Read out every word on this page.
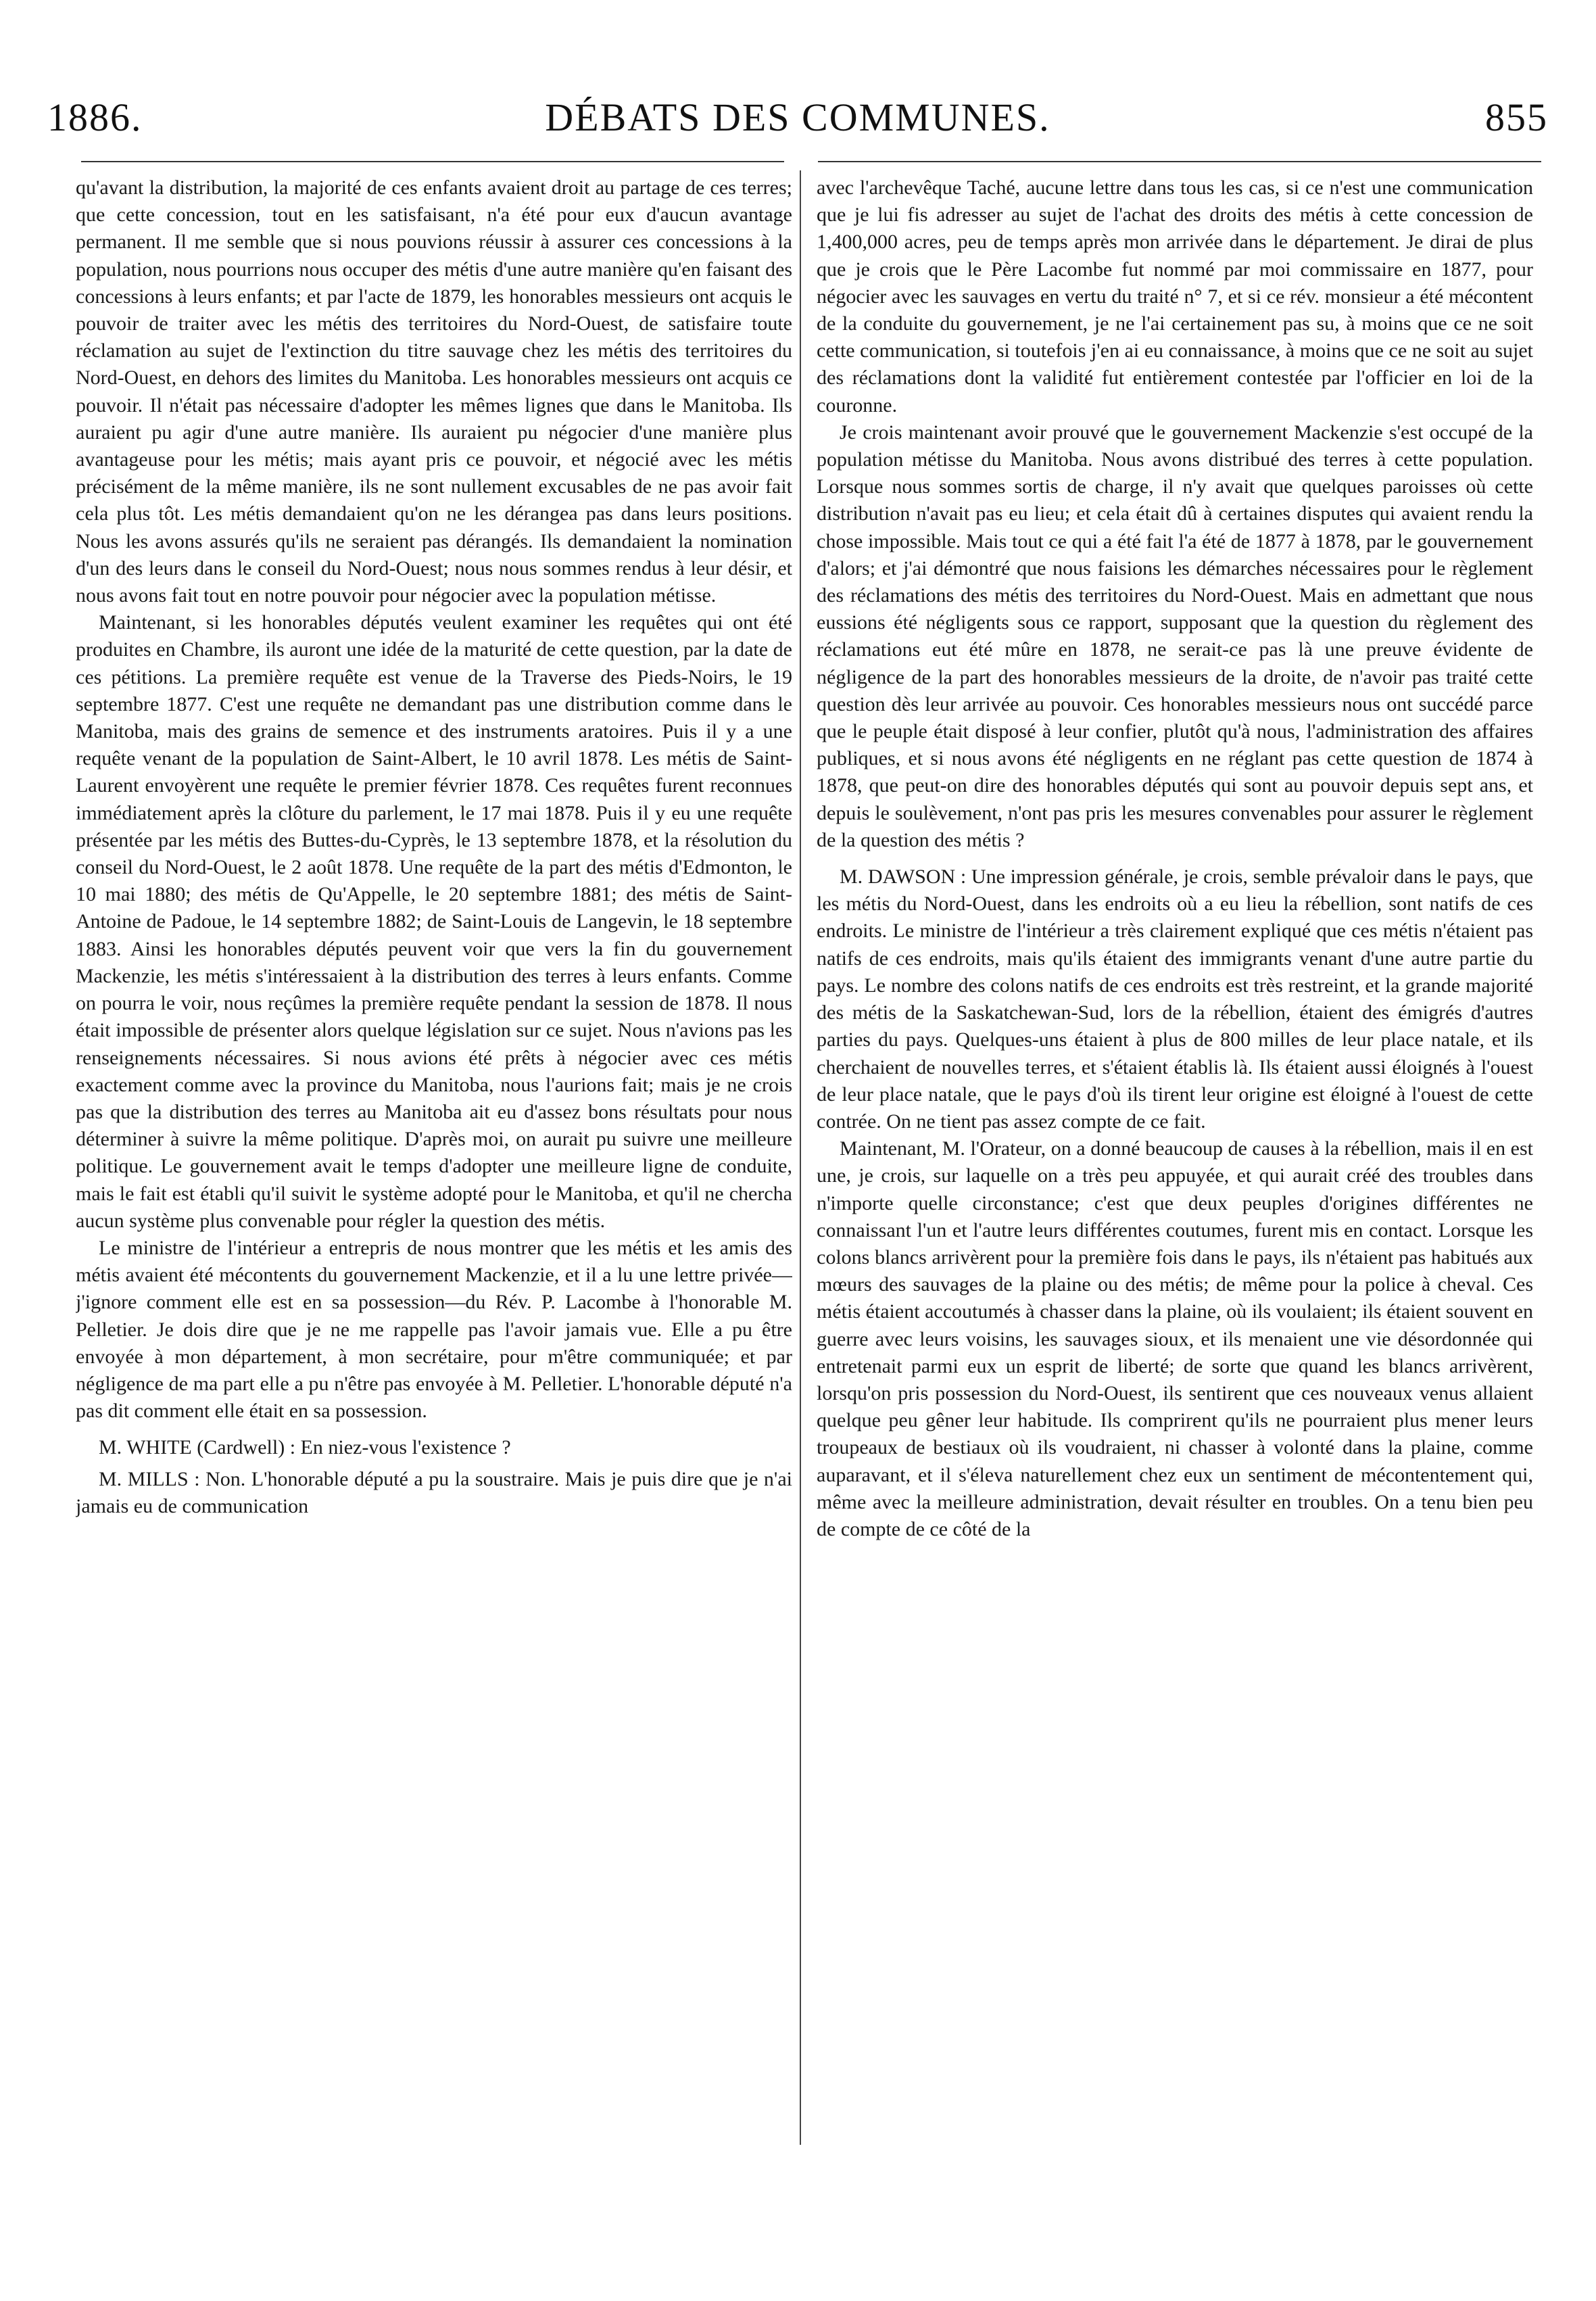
DÉBATS DES COMMUNES.
1886.	855

qu'avant la distribution, la majorité de ces enfants avaient droit au partage de ces terres; que cette concession, tout en les satisfaisant, n'a été pour eux d'aucun avantage permanent. Il me semble que si nous pouvions réussir à assurer ces concessions à la population, nous pourrions nous occuper des métis d'une autre manière qu'en faisant des concessions à leurs enfants; et par l'acte de 1879, les honorables messieurs ont acquis le pouvoir de traiter avec les métis des territoires du Nord-Ouest, de satisfaire toute réclamation au sujet de l'extinction du titre sauvage chez les métis des territoires du Nord-Ouest, en dehors des limites du Manitoba. Les honorables messieurs ont acquis ce pouvoir. Il n'était pas nécessaire d'adopter les mêmes lignes que dans le Manitoba. Ils auraient pu agir d'une autre manière. Ils auraient pu négocier d'une manière plus avantageuse pour les métis; mais ayant pris ce pouvoir, et négocié avec les métis précisément de la même manière, ils ne sont nullement excusables de ne pas avoir fait cela plus tôt. Les métis demandaient qu'on ne les dérangea pas dans leurs positions. Nous les avons assurés qu'ils ne seraient pas dérangés. Ils demandaient la nomination d'un des leurs dans le conseil du Nord-Ouest; nous nous sommes rendus à leur désir, et nous avons fait tout en notre pouvoir pour négocier avec la population métisse.

Maintenant, si les honorables députés veulent examiner les requêtes qui ont été produites en Chambre, ils auront une idée de la maturité de cette question, par la date de ces pétitions. La première requête est venue de la Traverse des Pieds-Noirs, le 19 septembre 1877. C'est une requête ne demandant pas une distribution comme dans le Manitoba, mais des grains de semence et des instruments aratoires. Puis il y a une requête venant de la population de Saint-Albert, le 10 avril 1878. Les métis de Saint-Laurent envoyèrent une requête le premier février 1878. Ces requêtes furent reconnues immédiatement après la clôture du parlement, le 17 mai 1878. Puis il y eu une requête présentée par les métis des Buttes-du-Cyprès, le 13 septembre 1878, et la résolution du conseil du Nord-Ouest, le 2 août 1878. Une requête de la part des métis d'Edmonton, le 10 mai 1880; des métis de Qu'Appelle, le 20 septembre 1881; des métis de Saint-Antoine de Padoue, le 14 septembre 1882; de Saint-Louis de Langevin, le 18 septembre 1883. Ainsi les honorables députés peuvent voir que vers la fin du gouvernement Mackenzie, les métis s'intéressaient à la distribution des terres à leurs enfants. Comme on pourra le voir, nous reçûmes la première requête pendant la session de 1878. Il nous était impossible de présenter alors quelque législation sur ce sujet. Nous n'avions pas les renseignements nécessaires. Si nous avions été prêts à négocier avec ces métis exactement comme avec la province du Manitoba, nous l'aurions fait; mais je ne crois pas que la distribution des terres au Manitoba ait eu d'assez bons résultats pour nous déterminer à suivre la même politique. D'après moi, on aurait pu suivre une meilleure politique. Le gouvernement avait le temps d'adopter une meilleure ligne de conduite, mais le fait est établi qu'il suivit le système adopté pour le Manitoba, et qu'il ne chercha aucun système plus convenable pour régler la question des métis.

Le ministre de l'intérieur a entrepris de nous montrer que les métis et les amis des métis avaient été mécontents du gouvernement Mackenzie, et il a lu une lettre privée—j'ignore comment elle est en sa possession—du Rév. P. Lacombe à l'honorable M. Pelletier. Je dois dire que je ne me rappelle pas l'avoir jamais vue. Elle a pu être envoyée à mon département, à mon secrétaire, pour m'être communiquée; et par négligence de ma part elle a pu n'être pas envoyée à M. Pelletier. L'honorable député n'a pas dit comment elle était en sa possession.

M. WHITE (Cardwell) : En niez-vous l'existence ?

M. MILLS : Non. L'honorable député a pu la soustraire. Mais je puis dire que je n'ai jamais eu de communication

avec l'archevêque Taché, aucune lettre dans tous les cas, si ce n'est une communication que je lui fis adresser au sujet de l'achat des droits des métis à cette concession de 1,400,000 acres, peu de temps après mon arrivée dans le département. Je dirai de plus que je crois que le Père Lacombe fut nommé par moi commissaire en 1877, pour négocier avec les sauvages en vertu du traité n° 7, et si ce rév. monsieur a été mécontent de la conduite du gouvernement, je ne l'ai certainement pas su, à moins que ce ne soit cette communication, si toutefois j'en ai eu connaissance, à moins que ce ne soit au sujet des réclamations dont la validité fut entièrement contestée par l'officier en loi de la couronne.

Je crois maintenant avoir prouvé que le gouvernement Mackenzie s'est occupé de la population métisse du Manitoba. Nous avons distribué des terres à cette population. Lorsque nous sommes sortis de charge, il n'y avait que quelques paroisses où cette distribution n'avait pas eu lieu; et cela était dû à certaines disputes qui avaient rendu la chose impossible. Mais tout ce qui a été fait l'a été de 1877 à 1878, par le gouvernement d'alors; et j'ai démontré que nous faisions les démarches nécessaires pour le règlement des réclamations des métis des territoires du Nord-Ouest. Mais en admettant que nous eussions été négligents sous ce rapport, supposant que la question du règlement des réclamations eut été mûre en 1878, ne serait-ce pas là une preuve évidente de négligence de la part des honorables messieurs de la droite, de n'avoir pas traité cette question dès leur arrivée au pouvoir. Ces honorables messieurs nous ont succédé parce que le peuple était disposé à leur confier, plutôt qu'à nous, l'administration des affaires publiques, et si nous avons été négligents en ne réglant pas cette question de 1874 à 1878, que peut-on dire des honorables députés qui sont au pouvoir depuis sept ans, et depuis le soulèvement, n'ont pas pris les mesures convenables pour assurer le règlement de la question des métis ?

M. DAWSON : Une impression générale, je crois, semble prévaloir dans le pays, que les métis du Nord-Ouest, dans les endroits où a eu lieu la rébellion, sont natifs de ces endroits. Le ministre de l'intérieur a très clairement expliqué que ces métis n'étaient pas natifs de ces endroits, mais qu'ils étaient des immigrants venant d'une autre partie du pays. Le nombre des colons natifs de ces endroits est très restreint, et la grande majorité des métis de la Saskatchewan-Sud, lors de la rébellion, étaient des émigrés d'autres parties du pays. Quelques-uns étaient à plus de 800 milles de leur place natale, et ils cherchaient de nouvelles terres, et s'étaient établis là. Ils étaient aussi éloignés à l'ouest de leur place natale, que le pays d'où ils tirent leur origine est éloigné à l'ouest de cette contrée. On ne tient pas assez compte de ce fait.

Maintenant, M. l'Orateur, on a donné beaucoup de causes à la rébellion, mais il en est une, je crois, sur laquelle on a très peu appuyée, et qui aurait créé des troubles dans n'importe quelle circonstance; c'est que deux peuples d'origines différentes ne connaissant l'un et l'autre leurs différentes coutumes, furent mis en contact. Lorsque les colons blancs arrivèrent pour la première fois dans le pays, ils n'étaient pas habitués aux mœurs des sauvages de la plaine ou des métis; de même pour la police à cheval. Ces métis étaient accoutumés à chasser dans la plaine, où ils voulaient; ils étaient souvent en guerre avec leurs voisins, les sauvages sioux, et ils menaient une vie désordonnée qui entretenait parmi eux un esprit de liberté; de sorte que quand les blancs arrivèrent, lorsqu'on pris possession du Nord-Ouest, ils sentirent que ces nouveaux venus allaient quelque peu gêner leur habitude. Ils comprirent qu'ils ne pourraient plus mener leurs troupeaux de bestiaux où ils voudraient, ni chasser à volonté dans la plaine, comme auparavant, et il s'éleva naturellement chez eux un sentiment de mécontentement qui, même avec la meilleure administration, devait résulter en troubles. On a tenu bien peu de compte de ce côté de la
